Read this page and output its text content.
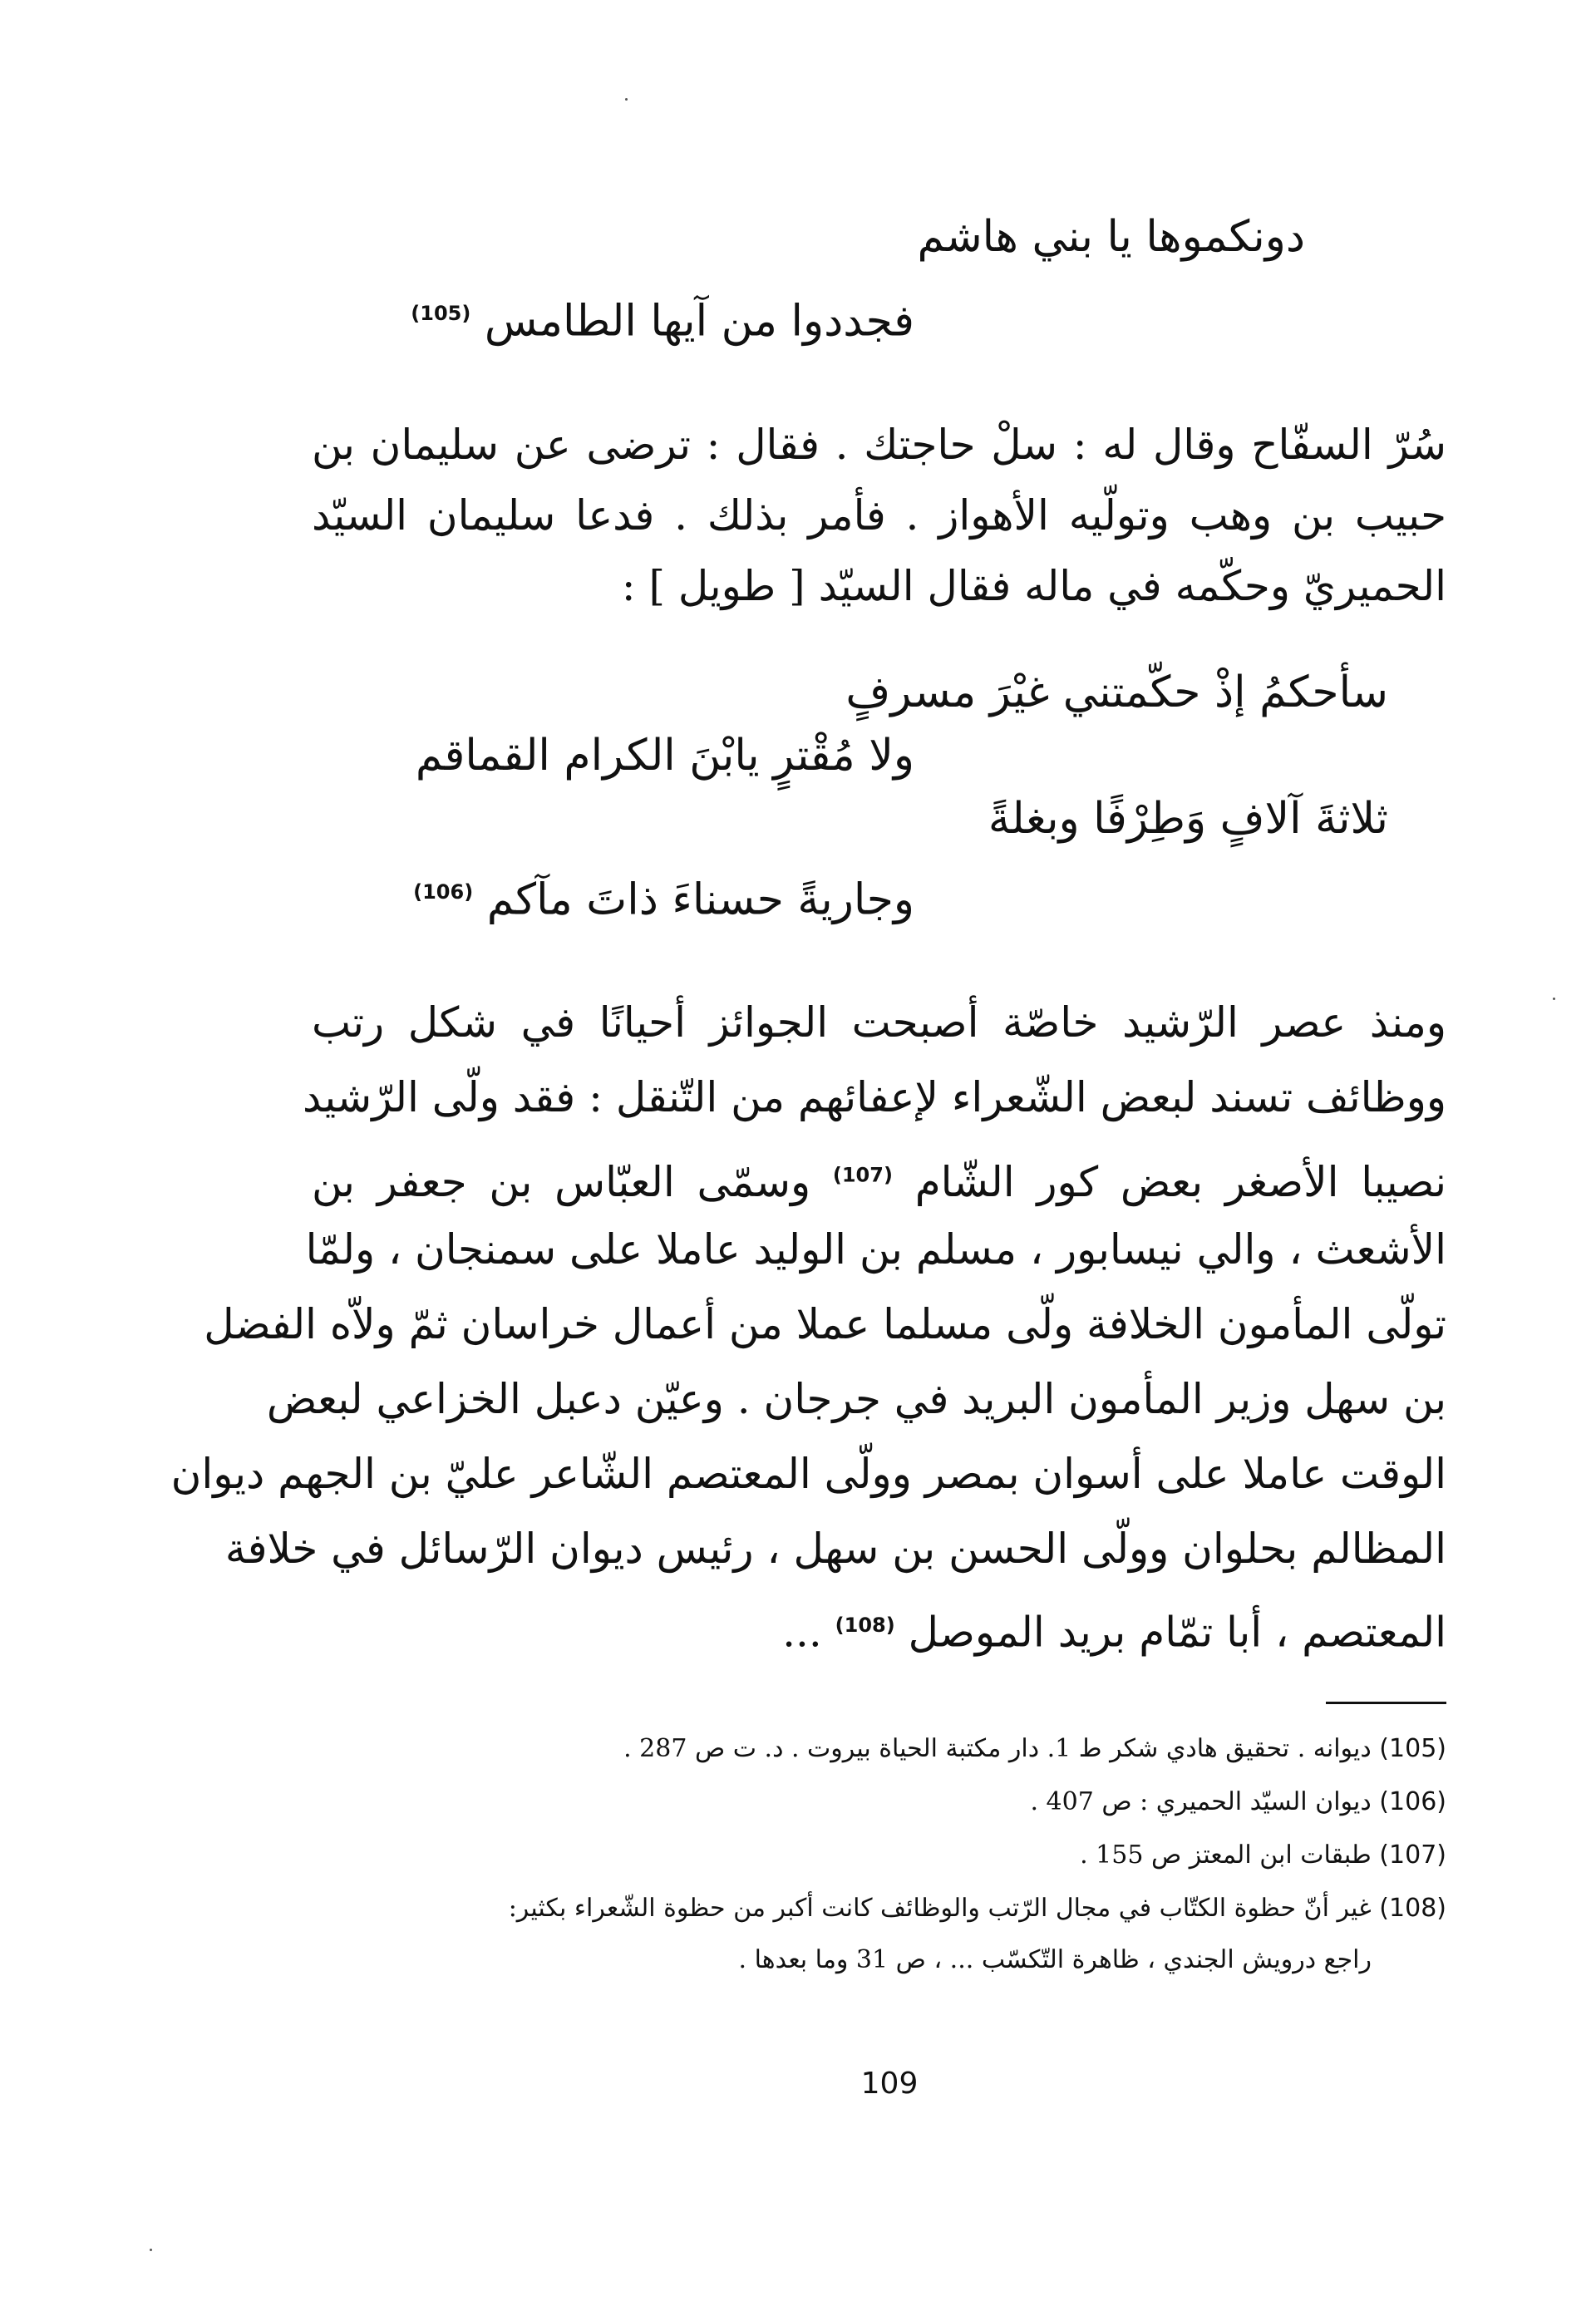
دونكموها يا بني هاشم
فجددوا من آيها الطامس $^{(105)}$
سُرّ السفّاح وقال له : سلْ حاجتك . فقال : ترضى عن سليمان بن
حبيب بن وهب وتولّيه الأهواز . فأمر بذلك . فدعا سليمان السيّد
الحميريّ وحكّمه في ماله فقال السيّد [ طويل ] :
سأحكمُ إذْ حكّمتني غيْرَ مسرفٍ
ولا مُقْترٍ يابْنَ الكرام القماقم
ثلاثةَ آلافٍ وَطِرْفًا وبغلةً
وجاريةً حسناءَ ذاتَ مآكم $^{(106)}$
ومنذ عصر الرّشيد خاصّة أصبحت الجوائز أحيانًا في شكل رتب
ووظائف تسند لبعض الشّعراء لإعفائهم من التّنقل : فقد ولّى الرّشيد
نصيبا الأصغر بعض كور الشّام $^{(107)}$ وسمّى العبّاس بن جعفر بن
الأشعث ، والي نيسابور ، مسلم بن الوليد عاملا على سمنجان ، ولمّا
تولّى المأمون الخلافة ولّى مسلما عملا من أعمال خراسان ثمّ ولاّه الفضل
بن سهل وزير المأمون البريد في جرجان . وعيّن دعبل الخزاعي لبعض
الوقت عاملا على أسوان بمصر وولّى المعتصم الشّاعر عليّ بن الجهم ديوان
المظالم بحلوان وولّى الحسن بن سهل ، رئيس ديوان الرّسائل في خلافة
المعتصم ، أبا تمّام بريد الموصل $^{(108)}$ ...
(105) ديوانه . تحقيق هادي شكر ط 1. دار مكتبة الحياة بيروت . د. ت ص 287 .
(106) ديوان السيّد الحميري : ص 407 .
(107) طبقات ابن المعتز ص 155 .
(108) غير أنّ حظوة الكتّاب في مجال الرّتب والوظائف كانت أكبر من حظوة الشّعراء بكثير:
راجع درويش الجندي ، ظاهرة التّكسّب ... ، ص 31 وما بعدها .
109
